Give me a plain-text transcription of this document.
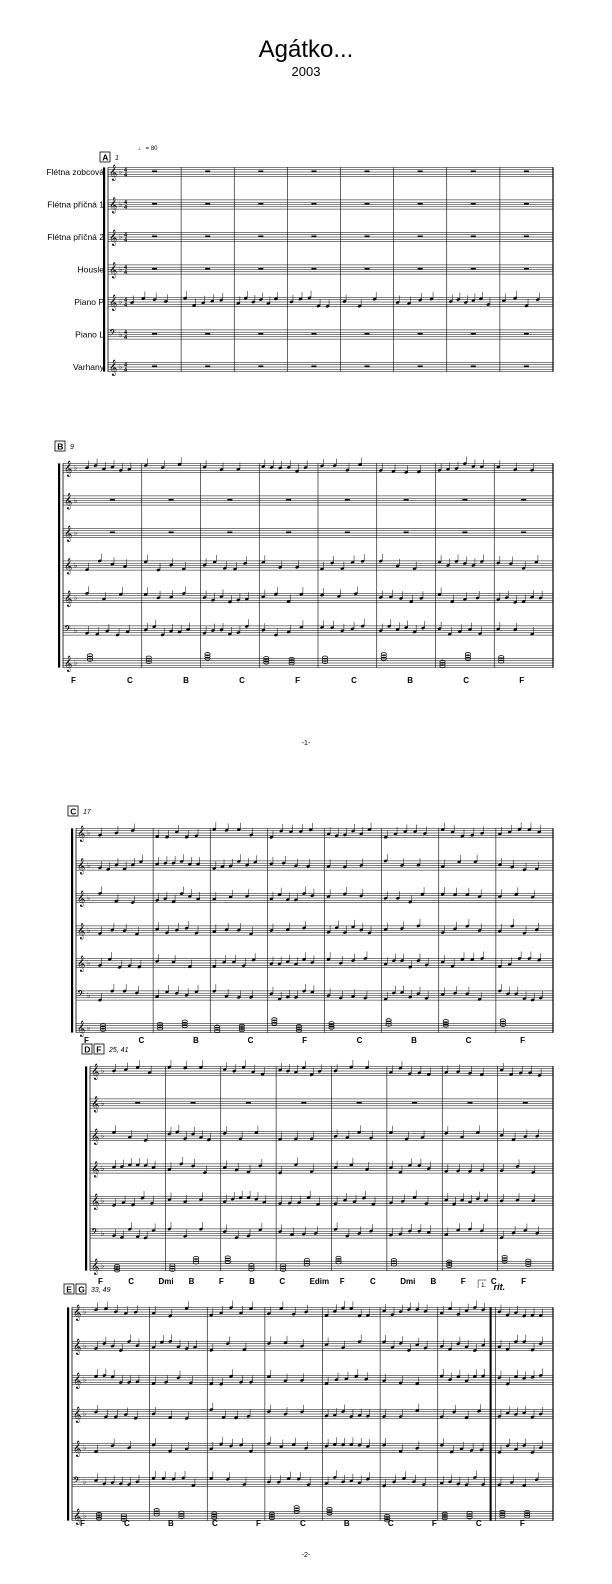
Agátko...
2003
-1-
-2-
A 1
♩ = 80
𝄞 ♭ 4
4
Flétna zobcová
𝄞 ♭ 4
4
Flétna příčná 1
𝄞 ♭ 4
4
Flétna příčná 2
𝄞 ♭ 4
4
Housle
𝄞 ♭ 4
4
Piano P
𝄢 ♭ 4
4
Piano L
𝄞 ♭ 4
4
Varhany
B 9
𝄞 ♭
𝄞 ♭
𝄞 ♭
𝄞 ♭
𝄞 ♭
𝄢 ♭
𝄞 ♭
F	C	B	C	F	C	B	C	F
C 17
𝄞 ♭
𝄞 ♭
𝄞 ♭
𝄞 ♭
𝄞 ♭
𝄢 ♭
𝄞 ♭
F	C	B	C	F	C	B	C	F
D F 25, 41
𝄞 ♭
𝄞 ♭
𝄞 ♭
𝄞 ♭
𝄞 ♭
𝄢 ♭
𝄞 ♭
F	C	Dmi B	F	B	C	Edim F	C	Dmi B	F	C	F
E G 33, 49
𝄞 ♭
𝄞 ♭
𝄞 ♭
𝄞 ♭
𝄞 ♭
𝄢 ♭
𝄞 ♭
1. rit.
F	C	B	C	F	C	B	C	F	C	F
